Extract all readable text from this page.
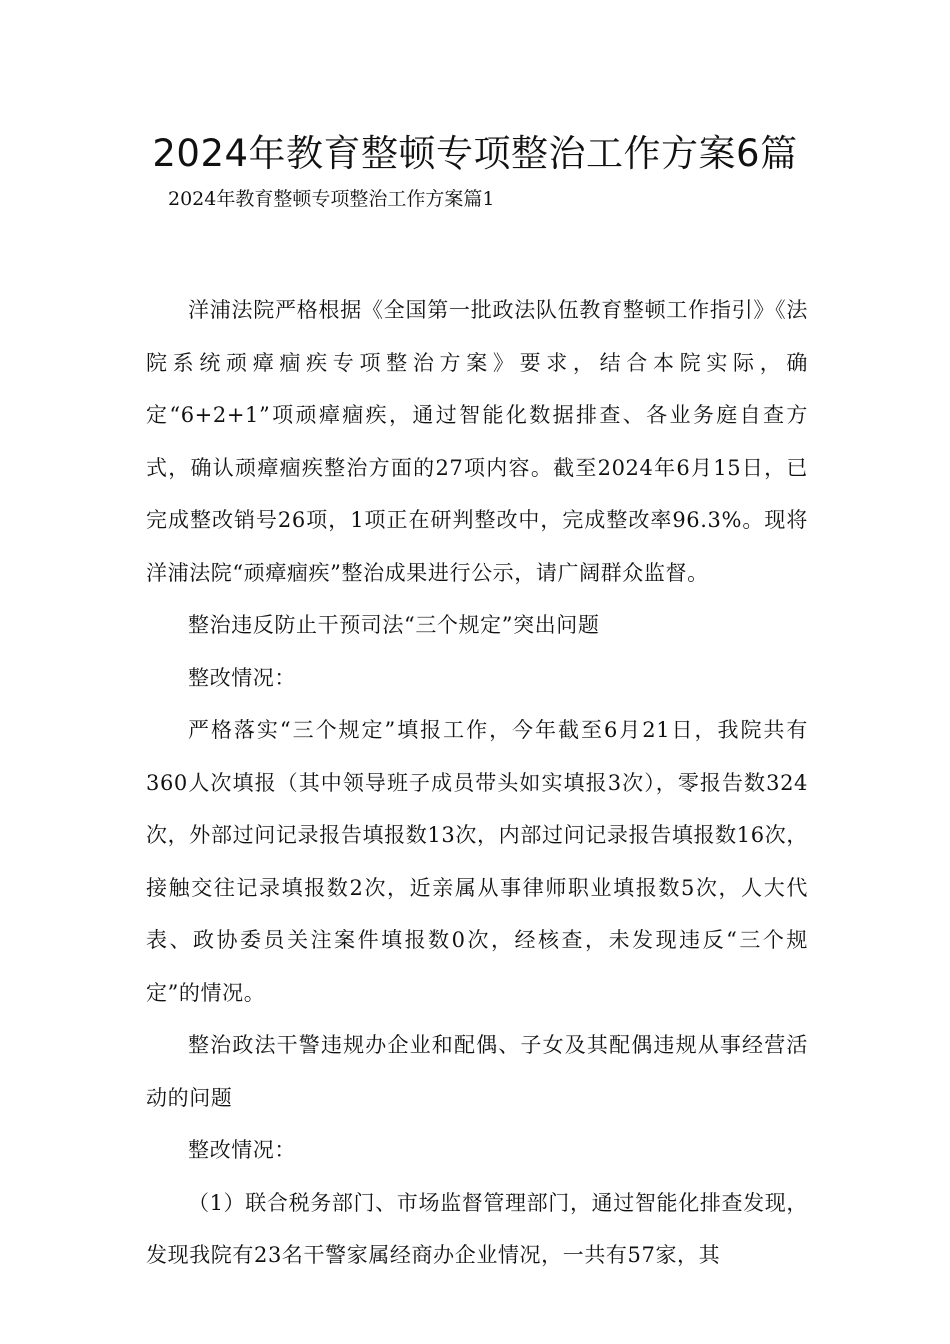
2024年教育整顿专项整治工作方案6篇
2024年教育整顿专项整治工作方案篇1

洋浦法院严格根据《全国第一批政法队伍教育整顿工作指引》《法院系统顽瘴痼疾专项整治方案》要求，结合本院实际，确定“6+2+1”项顽瘴痼疾，通过智能化数据排查、各业务庭自查方式，确认顽瘴痼疾整治方面的27项内容。截至2024年6月15日，已完成整改销号26项，1项正在研判整改中，完成整改率96.3%。现将洋浦法院“顽瘴痼疾”整治成果进行公示，请广阔群众监督。

整治违反防止干预司法“三个规定”突出问题

整改情况：

严格落实“三个规定”填报工作，今年截至6月21日，我院共有360人次填报（其中领导班子成员带头如实填报3次），零报告数324次，外部过问记录报告填报数13次，内部过问记录报告填报数16次，接触交往记录填报数2次，近亲属从事律师职业填报数5次，人大代表、政协委员关注案件填报数0次，经核查，未发现违反“三个规定”的情况。

整治政法干警违规办企业和配偶、子女及其配偶违规从事经营活动的问题

整改情况：

（1）联合税务部门、市场监督管理部门，通过智能化排查发现，发现我院有23名干警家属经商办企业情况，一共有57家，其
